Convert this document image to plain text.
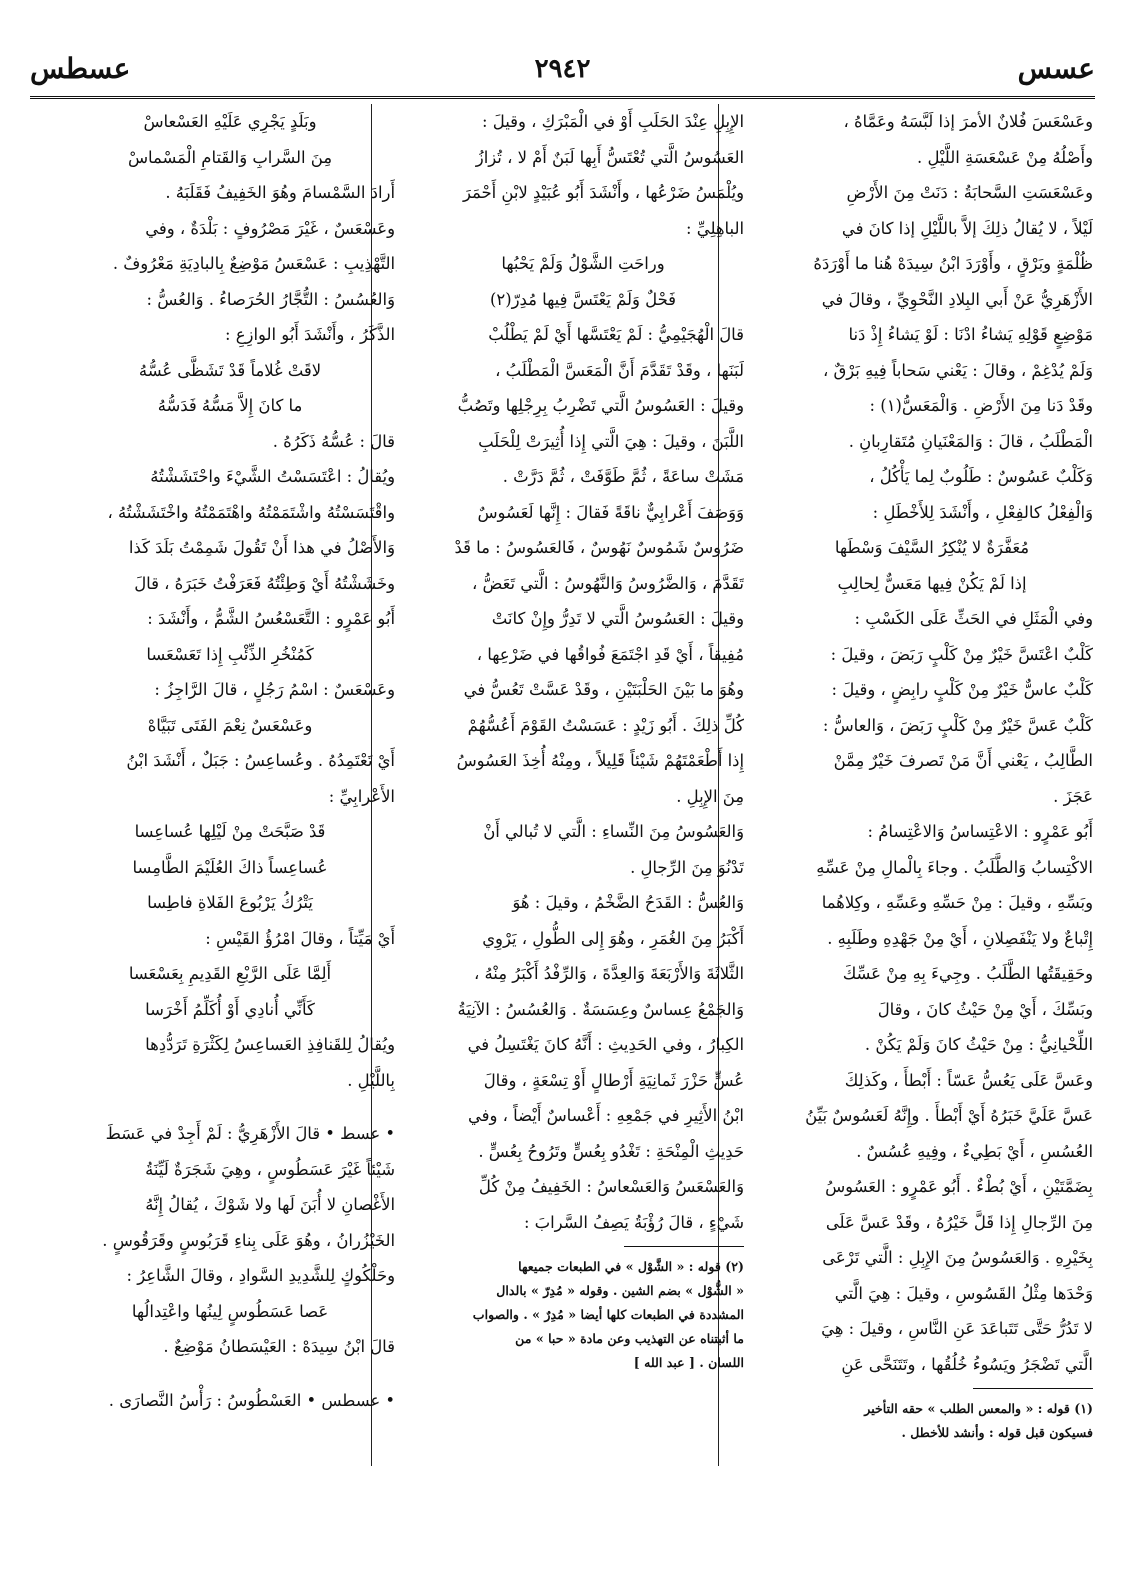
عسس
٢٩٤٢
عسطس
وعَسْعَسَ فُلانٌ الأمرَ إذا لَبَّسَهُ وعَمَّاهُ ،
وأَصْلُهُ مِنْ عَسْعَسَةِ اللَّيْلِ .
وعَسْعَسَتِ السَّحابَةُ : دَنَتْ مِنَ الأَرْضِ
لَيْلاً ، لا يُقالُ ذلِكَ إلاَّ باللَّيْلِ إذا كانَ في
ظُلْمَةٍ وبَرْقٍ ، وأَوْرَدَ ابْنُ سِيدَهْ هُنا ما أَوْرَدَهُ
الأَزْهَرِيُّ عَنْ أَبي البِلادِ النَّحْوِيِّ ، وقالَ في
مَوْضِعٍ قَوْلِهِ يَشاءُ ادْنَا : لَوْ يَشاءُ إِذْ دَنا
وَلَمْ يُدْغِمْ ، وقالَ : يَعْني سَحاباً فِيهِ بَرْقٌ ،
وقَدْ دَنا مِنَ الأَرْضِ . وَالْمَعَسُّ(١) :
الْمَطْلَبُ ، قالَ : وَالمَعْنَيانِ مُتَقارِبانِ .
وَكَلْبٌ عَسُوسٌ : طَلُوبٌ لِما يَأْكُلُ ،
وَالْفِعْلُ كالفِعْلِ ، وأَنْشَدَ لِلأَخْطَلِ :
مُعَفَّرَةٌ لا يُنْكِرُ السَّيْفَ وَسْطَها
إذا لَمْ يَكُنْ فِيها مَعَسٌّ لِحالِبِ
وفي الْمَثَلِ في الحَثِّ عَلَى الكَسْبِ :
كَلْبٌ اعْتَسَّ خَيْرٌ مِنْ كَلْبٍ رَبَضَ ، وقيلَ :
كَلْبٌ عاسٌّ خَيْرٌ مِنْ كَلْبٍ رابِضٍ ، وقيلَ :
كَلْبٌ عَسَّ خَيْرٌ مِنْ كَلْبٍ رَبَضَ ، وَالعاسُّ :
الطَّالِبُ ، يَعْني أَنَّ مَنْ تَصرفَ خَيْرٌ مِمَّنْ
عَجَزَ .
أَبُو عَمْرٍو : الاعْتِساسُ وَالاعْتِسامُ :
الاكْتِسابُ وَالطَّلَبُ . وجاءَ بِالْمالِ مِنْ عَسِّهِ
وبَسِّهِ ، وقيلَ : مِنْ حَسِّهِ وعَسِّهِ ، وكِلاهُما
إِتْباعٌ ولا يَنْفَصِلانِ ، أَيْ مِنْ جَهْدِهِ وطَلَبِهِ .
وحَقِيقَتُها الطَّلَبُ . وجِيءَ بِهِ مِنْ عَسِّكَ
وبَسِّكَ ، أَيْ مِنْ حَيْثُ كانَ ، وقالَ
اللِّحْيانِيُّ : مِنْ حَيْثُ كانَ وَلَمْ يَكُنْ .
وعَسَّ عَلَى يَعُسُّ عَسّاً : أَبْطأَ ، وكَذلِكَ
عَسَّ عَلَيَّ خَبَرُهُ أَيْ أَبْطأَ . وإِنَّهُ لَعَسُوسٌ بَيِّنُ
العُسُسِ ، أَيْ بَطِيءٌ ، وفِيهِ عُسُسٌ .
بِضَمَّتَيْنِ ، أَيْ بُطْءٌ . أَبُو عَمْرٍو : العَسُوسُ
مِنَ الرِّجالِ إِذا قَلَّ خَيْرُهُ ، وقَدْ عَسَّ عَلَى
بِخَيْرِهِ . وَالعَسُوسُ مِنَ الإِبِلِ : الَّتي تَرْعَى
وَحْدَها مِثْلُ القَسُوسِ ، وقيلَ : هِيَ الَّتي
لا تَدُرُّ حَتَّى تَتَباعَدَ عَنِ النَّاسِ ، وقيلَ : هِيَ
الَّتي تَضْجَرُ ويَسُوءُ خُلُقُها ، وتَتَنَحَّى عَنِ
(١) قوله : « والمعس الطلب » حقه التأخير
فسيكون قبل قوله : وأنشد للأخطل .
الإِبِلِ عِنْدَ الحَلَبِ أَوْ في الْمَبْرَكِ ، وقيلَ :
العَسُوسُ الَّتي تُعْتَسُّ أَبِها لَبَنٌ أَمْ لا ، تُزازُ
ويُلْمَسُ ضَرْعُها ، وأَنْشَدَ أَبُو عُبَيْدٍ لابْنِ أَحْمَرَ
الباهِلِيِّ :
وراحَتِ الشَّوْلُ وَلَمْ يَحْبُها
فَحْلٌ وَلَمْ يَعْتَسَّ فِيها مُدِرّ(٢)
قالَ الْهُجَيْمِيُّ : لَمْ يَعْتَسَّها أَيْ لَمْ يَطْلُبْ
لَبَنَها ، وقَدْ تَقَدَّمَ أَنَّ الْمَعَسَّ الْمَطْلَبُ ،
وقيلَ : العَسُوسُ الَّتي تَضْرِبُ بِرِجْلِها وتَصُبُّ
اللَّبَنَ ، وقيلَ : هِيَ الَّتي إِذا أُثِيرَتْ لِلْحَلَبِ
مَشَتْ ساعَةً ، ثُمَّ طَوَّفَتْ ، ثُمَّ دَرَّتْ .
وَوَصَفَ أَعْرابِيٌّ ناقَةً فَقالَ : إِنَّها لَعَسُوسٌ
ضَرُوسٌ شَمُوسٌ نَهُوسٌ ، فَالعَسُوسُ : ما قَدْ
تَقَدَّمَ ، وَالضَّرُوسُ وَالنَّهُوسُ : الَّتي تَعَضُّ ،
وقيلَ : العَسُوسُ الَّتي لا تَدِرُّ وإِنْ كانَتْ
مُفِيقاً ، أَيْ قَدِ اجْتَمَعَ فُواقُها في ضَرْعِها ،
وهُوَ ما بَيْنَ الحَلْبَتَيْنِ ، وقَدْ عَسَّتْ تَعُسُّ في
كُلِّ ذلِكَ . أَبُو زَيْدٍ : عَسَسْتُ القَوْمَ أَعُسُّهُمْ
إِذا أَطْعَمْتَهُمْ شَيْئاً قَلِيلاً ، ومِنْهُ أُخِذَ العَسُوسُ
مِنَ الإِبِلِ .
وَالعَسُوسُ مِنَ النِّساءِ : الَّتي لا تُبالي أَنْ
تَدْنُوَ مِنَ الرِّجالِ .
وَالعُسُّ : القَدَحُ الضَّخْمُ ، وقيلَ : هُوَ
أَكْبَرُ مِنَ الغُمَرِ ، وهُوَ إِلى الطُّولِ ، يَرْوِي
الثَّلاثَةَ وَالأَرْبَعَةَ وَالعِدَّةَ ، وَالرِّفْدُ أَكْبَرُ مِنْهُ ،
وَالجَمْعُ عِساسٌ وعِسَسَةٌ . وَالعُسُسُ : الآنِيَةُ
الكِبارُ ، وفي الحَدِيثِ : أَنَّهُ كانَ يَغْتَسِلُ في
عُسٍّ حَزْرَ ثَمانِيَةِ أَرْطالٍ أَوْ تِسْعَةٍ ، وقالَ
ابْنُ الأَثِيرِ في جَمْعِهِ : أَعْساسٌ أَيْضاً ، وفي
حَدِيثِ الْمِنْحَةِ : تَغْدُو بِعُسٍّ وتَرُوحُ بِعُسٍّ .
وَالعَسْعَسُ وَالعَسْعاسُ : الخَفِيفُ مِنْ كُلِّ
شَيْءٍ ، قالَ رُؤْبَةُ يَصِفُ السَّرابَ :
(٢) قوله : « الشَّوْل » في الطبعات جميعها
« الشُّوْل » بضم الشين . وقوله « مُدِرّ » بالدال
المشددة في الطبعات كلها أيضا « مُدِرٌ » . والصواب
ما أثبتناه عن التهذيب وعن مادة « حبا » من
اللسان . [ عبد الله ]
وبَلَدٍ يَجْرِي عَلَيْهِ العَسْعاسْ
مِنَ السَّرابِ وَالقَتامِ الْمَسْماسْ
أَرادَ السَّمْسامَ وهُوَ الخَفِيفُ فَقَلَبَهُ .
وعَسْعَسٌ ، غَيْرَ مَصْرُوفٍ : بَلْدَةٌ ، وفي
التَّهْذِيبِ : عَسْعَسُ مَوْضِعٌ بِالبادِيَةِ مَعْرُوفٌ .
وَالعُسُسُ : التُّجَّارُ الحُرَصاءُ . وَالعُسُّ :
الذَّكَرُ ، وأَنْشَدَ أَبُو الوازِعِ :
لاقَتْ غُلاماً قَدْ تَشَظَّى عُسُّهُ
ما كانَ إِلاَّ مَسُّهُ فَدَسُّهُ
قالَ : عُسُّهُ ذَكَرُهُ .
ويُقالُ : اعْتَسَسْتُ الشَّيْءَ واحْتَشَشْتُهُ
واقْتَسَسْتُهُ واشْتَمَمْتُهُ واهْتَمَمْتُهُ واخْتَشَشْتُهُ ،
وَالأَصْلُ في هذا أَنْ تَقُولَ شَمِمْتُ بَلَدَ كَذا
وخَشَشْتُهُ أَيْ وَطِئْتُهُ فَعَرَفْتُ خَبَرَهُ ، قالَ
أَبُو عَمْرٍو : التَّعَسْعُسُ الشَّمُّ ، وأَنْشَدَ :
كَمُنْخُرِ الذِّئْبِ إِذا تَعَسْعَسا
وعَسْعَسٌ : اسْمُ رَجُلٍ ، قالَ الرَّاجِزُ :
وعَسْعَسٌ نِعْمَ الفَتَى تَبَيَّاهْ
أَيْ تَعْتَمِدُهُ . وعُساعِسُ : جَبَلٌ ، أَنْشَدَ ابْنُ
الأَعْرابِيِّ :
قَدْ صَبَّحَتْ مِنْ لَيْلِها عُساعِسا
عُساعِساً ذاكَ العُلَيْمَ الطَّامِسا
يَتْرُكُ يَرْبُوعَ الفَلاةِ فاطِسا
أَيْ مَيِّتاً ، وقالَ امْرُؤُ القَيْسِ :
أَلِمَّا عَلَى الرَّبْعِ القَدِيمِ بِعَسْعَسا
كَأَنِّي أُنادِي أَوْ أُكَلِّمُ أَخْرَسا
ويُقالُ لِلقَنافِذِ العَساعِسُ لِكَثْرَةِ تَرَدُّدِها
بِاللَّيْلِ .
• عسط • قالَ الأَزْهَرِيُّ : لَمْ أَجِدْ في عَسَطَ
شَيْئاً غَيْرَ عَسَطُوسٍ ، وهِيَ شَجَرَةٌ لَيِّنَةُ
الأَغْصانِ لا أُبَنَ لَها ولا شَوْكَ ، يُقالُ إِنَّهُ
الخَيْزُرانُ ، وهُوَ عَلَى بِناءِ قَرَبُوسٍ وقَرَقُوسٍ .
وحَلْكُوكٍ لِلشَّدِيدِ السَّوادِ ، وقالَ الشَّاعِرُ :
عَصا عَسَطُوسٍ لِينُها واعْتِدالُها
قالَ ابْنُ سِيدَهْ : العَيْسَطانُ مَوْضِعٌ .
• عسطس • العَسْطُوسُ : رَأْسُ النَّصارَى .
